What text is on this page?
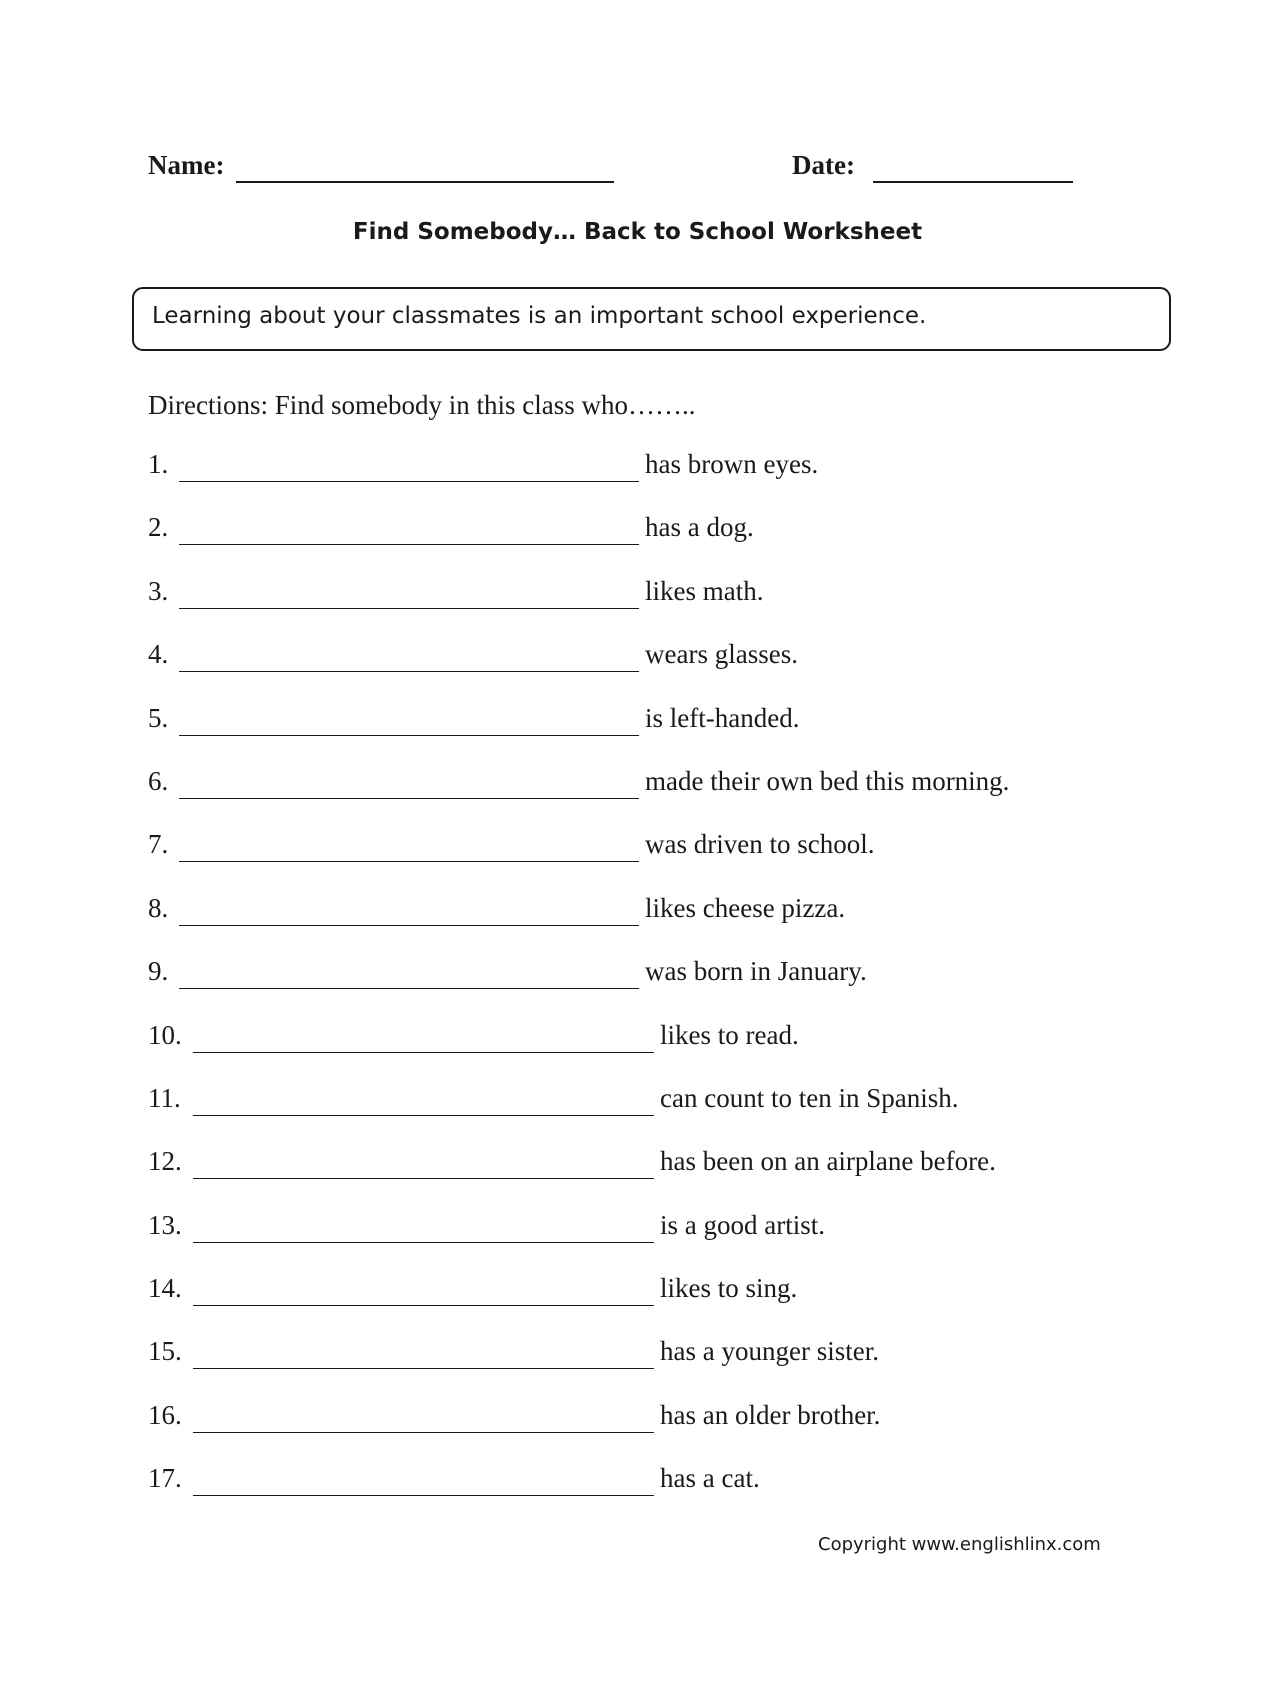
Name:	Date:
Find Somebody… Back to School Worksheet
Learning about your classmates is an important school experience.
Directions: Find somebody in this class who……..
1.	has brown eyes.
2.	has a dog.
3.	likes math.
4.	wears glasses.
5.	is left-handed.
6.	made their own bed this morning.
7.	was driven to school.
8.	likes cheese pizza.
9.	was born in January.
10.	likes to read.
11.	can count to ten in Spanish.
12.	has been on an airplane before.
13.	is a good artist.
14.	likes to sing.
15.	has a younger sister.
16.	has an older brother.
17.	has a cat.
Copyright www.englishlinx.com
